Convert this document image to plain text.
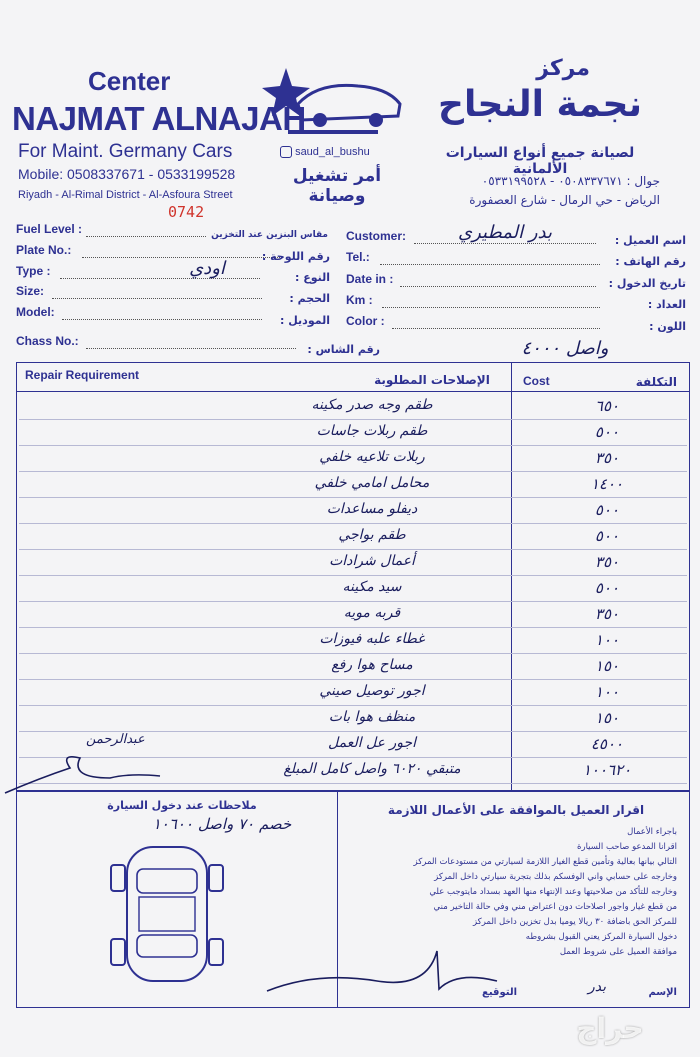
Center
NAJMAT ALNAJAH
For Maint. Germany Cars
Mobile: 0508337671 - 0533199528
Riyadh - Al-Rimal District - Al-Asfoura Street
0742
saud_al_bushu
أمر تشغيل وصيانة
مركز
نجمة النجاح
لصيانة جميع أنواع السيارات الألمانية
جوال : ٠٥٠٨٣٣٧٦٧١ - ٠٥٣٣١٩٩٥٢٨
الرياض - حي الرمال - شارع العصفورة
Fuel Level :	مقاس البنزين عند التخزين
Plate No.:	رقم اللوحة :
Type :	اودي	النوع :
Size:
الحجم :
Model:
الموديل :
Chass No.:
رقم الشاس :	واصل ٤٠٠٠
Customer:	بدر المطيري	اسم العميل :
Tel.:	رقم الهاتف :
Date in :	تاريخ الدخول :
Km :	العداد :
Color :	اللون :
Repair Requirement	الإصلاحات المطلوبة	Cost	التكلفة
طقم وجه صدر مكينه	٦٥٠
طقم ربلات جاسات	٥٠٠
ربلات تلاعيه خلفي	٣٥٠
محامل امامي خلفي	١٤٠٠
ديفلو مساعدات	٥٠٠
طقم بواجي	٥٠٠
أعمال شرادات	٣٥٠
سيد مكينه	٥٠٠
قربه مويه	٣٥٠
غطاء علبه فيوزات	١٠٠
مساح هوا رفع	١٥٠
اجور توصيل صيني	١٠٠
منظف هوا بات	١٥٠
اجور عل العمل	٤٥٠٠
متبقي ٦٠٢٠ واصل كامل المبلغ	١٠٠٦٢٠
عبدالرحمن
ملاحظات عند دخول السيارة
خصم ٧٠ واصل ١٠٦٠٠
اقرار العميل بالموافقة على الأعمال اللازمة
باجراء الأعمال
اقرانا المدعو صاحب السيارة
التالي بيانها بعالية وتأمين قطع الغيار اللازمة لسيارتي من مستودعات المركز
وخارجه على حسابي واني الوفسكم بذلك بتجربة سيارتي داخل المركز
وخارجه للتأكد من صلاحيتها وعند الإنتهاء منها العهد بسداد مايتوجب علي
من قطع غيار واجور اصلاحات دون اعتراض مني وفي حالة التاخير مني
للمركز الحق باضافة ٣٠ ريالا يوميا بدل تخزين داخل المركز
دخول السيارة المركز يعني القبول بشروطه
موافقة العميل على شروط العمل
الإسم
بدر
التوقيع
حراج
